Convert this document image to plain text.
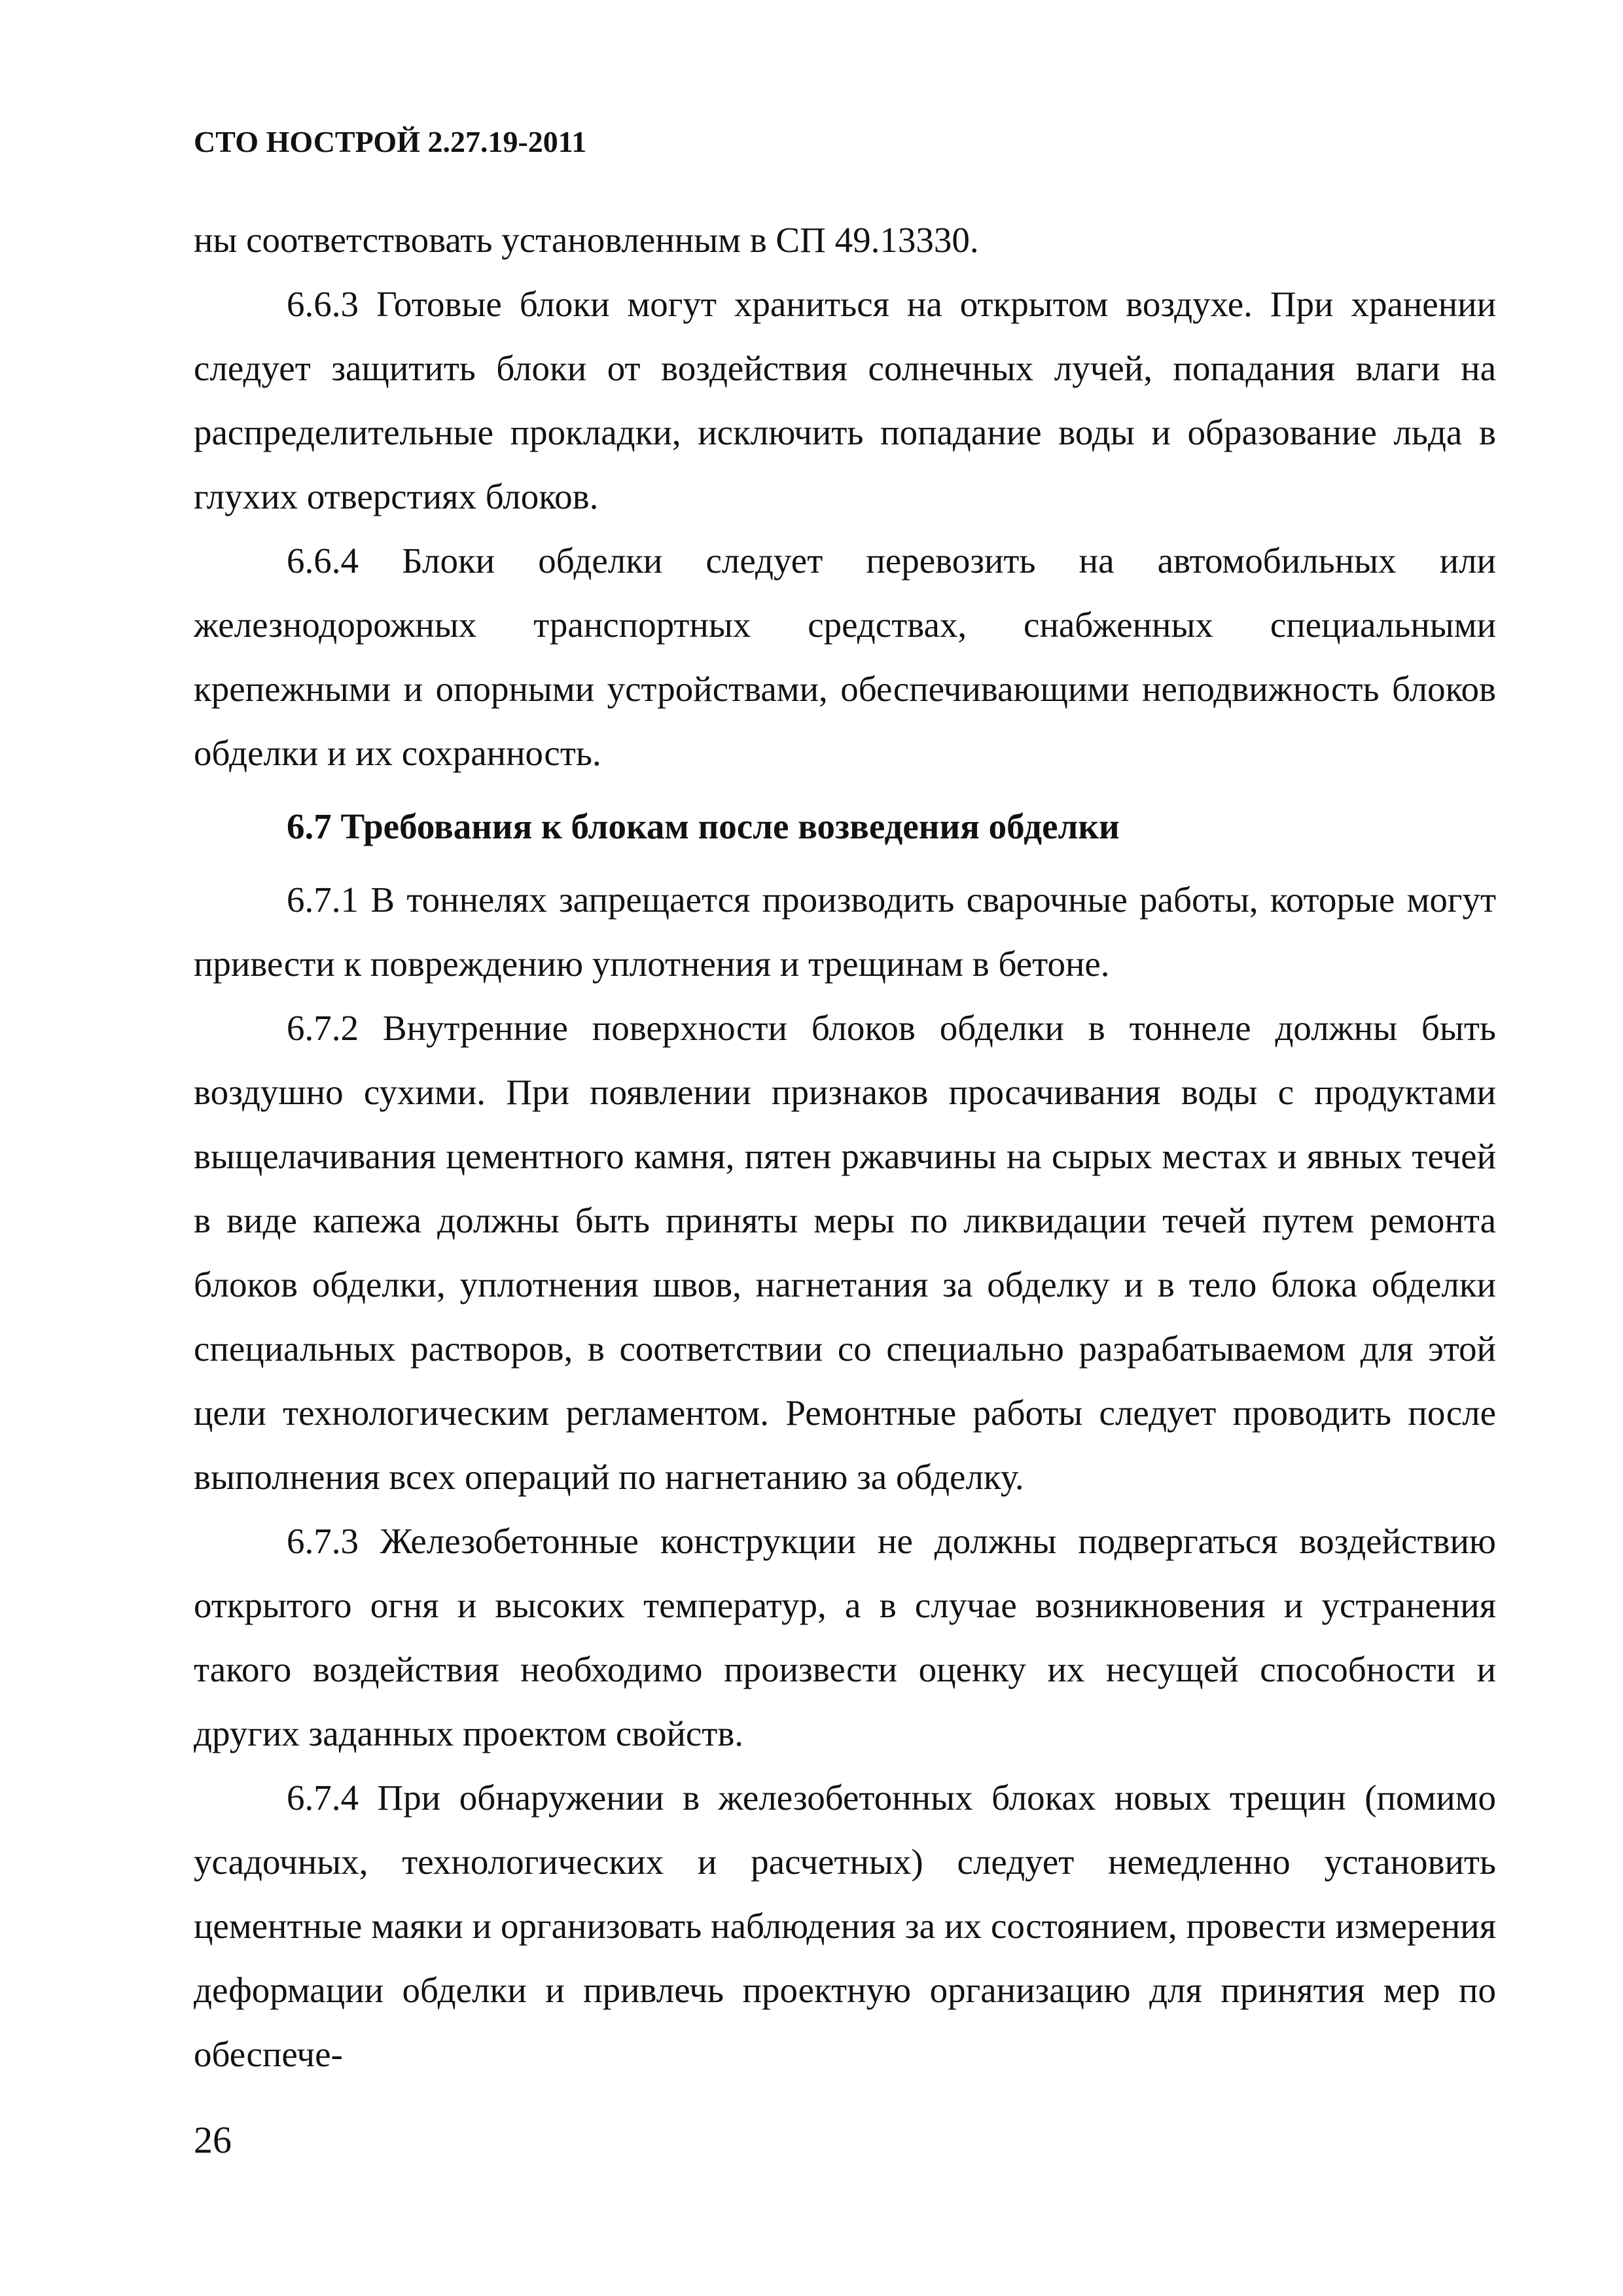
СТО НОСТРОЙ 2.27.19-2011

ны соответствовать установленным в СП 49.13330.

6.6.3 Готовые блоки могут храниться на открытом воздухе. При хранении следует защитить блоки от воздействия солнечных лучей, попадания влаги на распределительные прокладки, исключить попадание воды и образование льда в глухих отверстиях блоков.

6.6.4 Блоки обделки следует перевозить на автомобильных или железнодорожных транспортных средствах, снабженных специальными крепежными и опорными устройствами, обеспечивающими неподвижность блоков обделки и их сохранность.

6.7 Требования к блокам после возведения обделки

6.7.1 В тоннелях запрещается производить сварочные работы, которые могут привести к повреждению уплотнения и трещинам в бетоне.

6.7.2 Внутренние поверхности блоков обделки в тоннеле должны быть воздушно сухими. При появлении признаков просачивания воды с продуктами выщелачивания цементного камня, пятен ржавчины на сырых местах и явных течей в виде капежа должны быть приняты меры по ликвидации течей путем ремонта блоков обделки, уплотнения швов, нагнетания за обделку и в тело блока обделки специальных растворов, в соответствии со специально разрабатываемом для этой цели технологическим регламентом. Ремонтные работы следует проводить после выполнения всех операций по нагнетанию за обделку.

6.7.3 Железобетонные конструкции не должны подвергаться воздействию открытого огня и высоких температур, а в случае возникновения и устранения такого воздействия необходимо произвести оценку их несущей способности и других заданных проектом свойств.

6.7.4 При обнаружении в железобетонных блоках новых трещин (помимо усадочных, технологических и расчетных) следует немедленно установить цементные маяки и организовать наблюдения за их состоянием, провести измерения деформации обделки и привлечь проектную организацию для принятия мер по обеспече-

26
